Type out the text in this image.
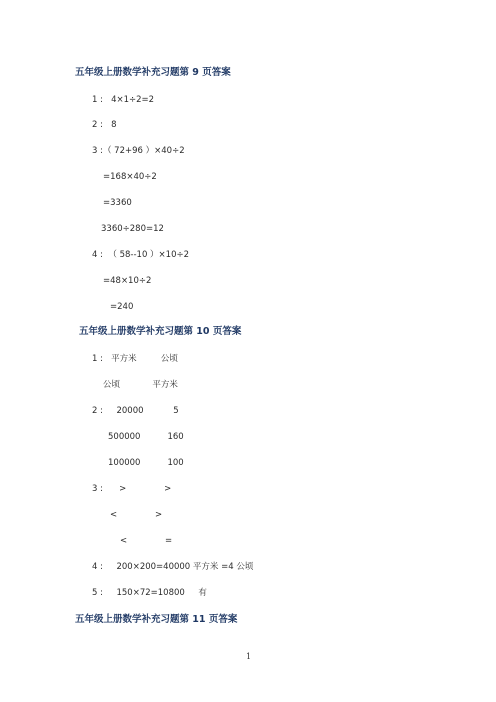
五年级上册数学补充习题第 9 页答案
1 :   4×1÷2=2
2 :   8
3 :（ 72+96 ）×40÷2
=168×40÷2
=3360
3360÷280=12
4 :  （ 58--10 ）×10÷2
=48×10÷2
=240
五年级上册数学补充习题第 10 页答案
1 :   平方米         公顷
公顷            平方米
2 :     20000           5
500000          160
100000          100
3 :      >              >
<              >
<              =
4 :     200×200=40000 平方米 =4 公顷
5 :     150×72=10800     有
五年级上册数学补充习题第 11 页答案
1
